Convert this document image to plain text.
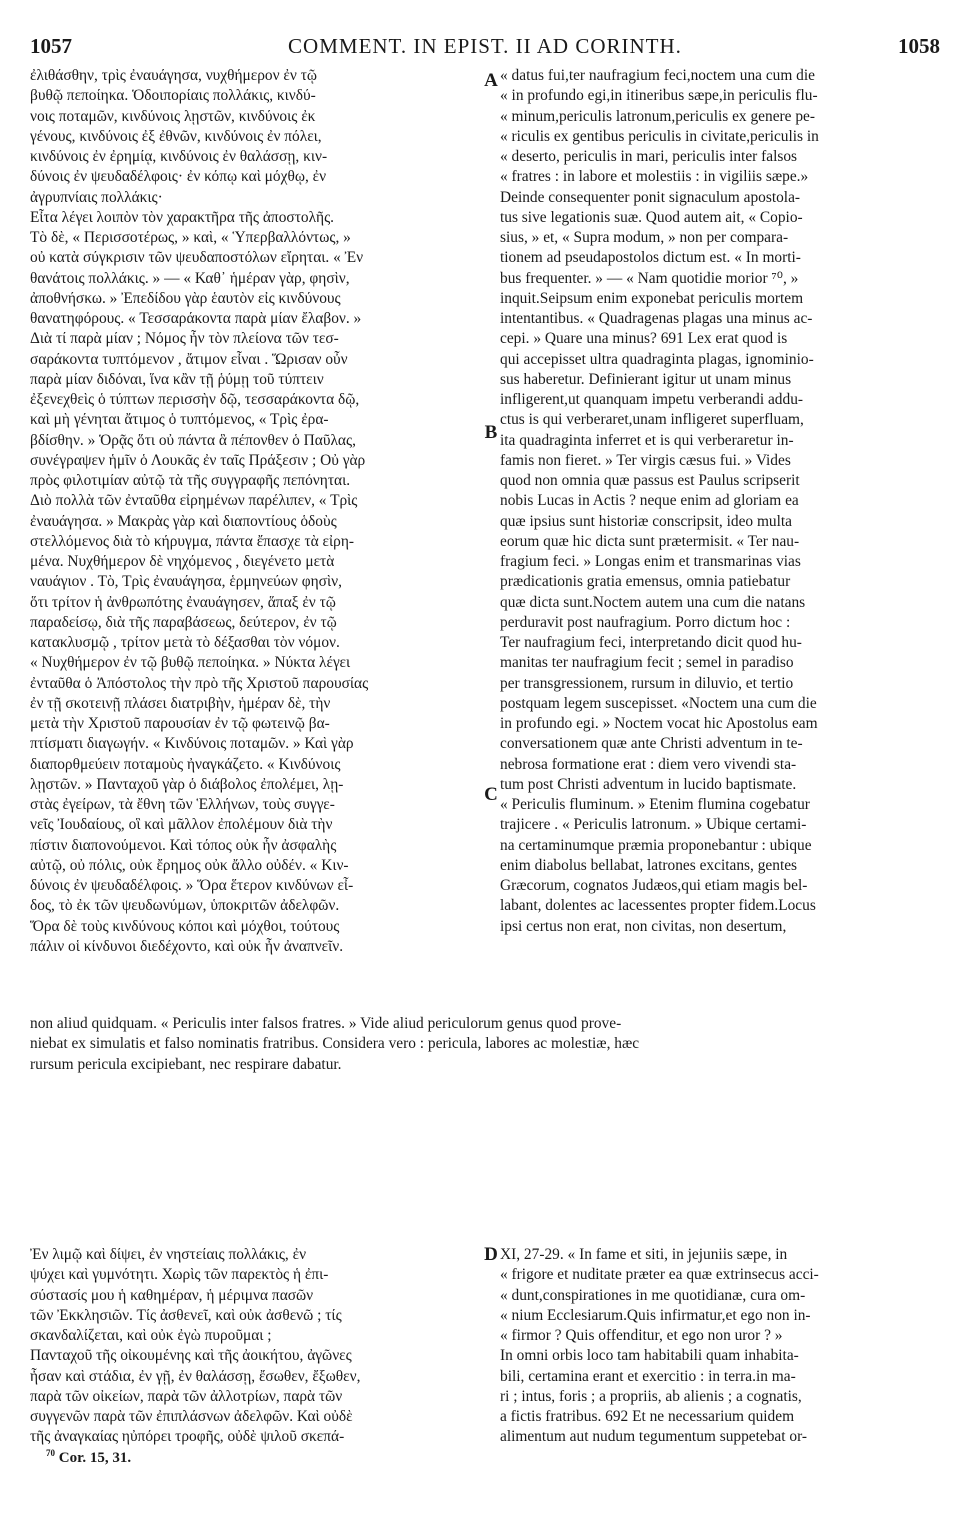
1057	COMMENT. IN EPIST. II AD CORINTH.	1058
ἐλιθάσθην, τρὶς ἐναυάγησα, νυχθήμερον ἐν τῷ
βυθῷ πεποίηκα. Ὁδοιπορίαις πολλάκις, κινδύ-
νοις ποταμῶν, κινδύνοις λῃστῶν, κινδύνοις ἐκ
γένους, κινδύνοις ἐξ ἐθνῶν, κινδύνοις ἐν πόλει,
κινδύνοις ἐν ἐρημίᾳ, κινδύνοις ἐν θαλάσσῃ, κιν-
δύνοις ἐν ψευδαδέλφοις· ἐν κόπῳ καὶ μόχθῳ, ἐν
ἀγρυπνίαις πολλάκις·
Εἶτα λέγει λοιπὸν τὸν χαρακτῆρα τῆς ἀποστολῆς.
Τὸ δὲ, « Περισσοτέρως, » καὶ, « Ὑπερβαλλόντως, »
οὐ κατὰ σύγκρισιν τῶν ψευδαποστόλων εἴρηται. « Ἐν
θανάτοις πολλάκις. » — « Καθ᾿ ἡμέραν γὰρ, φησὶν,
ἀποθνήσκω. » Ἐπεδίδου γὰρ ἑαυτὸν εἰς κινδύνους
θανατηφόρους. « Τεσσαράκοντα παρὰ μίαν ἔλαβον. »
Διὰ τί παρὰ μίαν ; Νόμος ἦν τὸν πλείονα τῶν τεσ-
σαράκοντα τυπτόμενον , ἄτιμον εἶναι . Ὥρισαν οὖν
παρὰ μίαν διδόναι, ἵνα κἂν τῇ ῥύμῃ τοῦ τύπτειν
ἐξενεχθεὶς ὁ τύπτων περισσὴν δῷ, τεσσαράκοντα δῷ,
καὶ μὴ γένηται ἄτιμος ὁ τυπτόμενος, « Τρὶς ἐρα-
βδίσθην. » Ὁρᾷς ὅτι οὐ πάντα ἃ πέπονθεν ὁ Παῦλας,
συνέγραψεν ἡμῖν ὁ Λουκᾶς ἐν ταῖς Πράξεσιν ; Οὐ γὰρ
πρὸς φιλοτιμίαν αὐτῷ τὰ τῆς συγγραφῆς πεπόνηται.
Διὸ πολλὰ τῶν ἐνταῦθα εἰρημένων παρέλιπεν, « Τρὶς
ἐναυάγησα. » Μακρὰς γὰρ καὶ διαποντίους ὁδοὺς
στελλόμενος διὰ τὸ κήρυγμα, πάντα ἔπασχε τὰ εἰρη-
μένα. Νυχθήμερον δὲ νηχόμενος , διεγένετο μετὰ
ναυάγιον . Τὸ, Τρὶς ἐναυάγησα, ἑρμηνεύων φησὶν,
ὅτι τρίτον ἡ ἀνθρωπότης ἐναυάγησεν, ἅπαξ ἐν τῷ
παραδείσῳ, διὰ τῆς παραβάσεως, δεύτερον, ἐν τῷ
κατακλυσμῷ , τρίτον μετὰ τὸ δέξασθαι τὸν νόμον.
« Νυχθήμερον ἐν τῷ βυθῷ πεποίηκα. » Νύκτα λέγει
ἐνταῦθα ὁ Ἀπόστολος τὴν πρὸ τῆς Χριστοῦ παρουσίας
ἐν τῇ σκοτεινῇ πλάσει διατριβὴν, ἡμέραν δὲ, τὴν
μετὰ τὴν Χριστοῦ παρουσίαν ἐν τῷ φωτεινῷ βα-
πτίσματι διαγωγήν. « Κινδύνοις ποταμῶν. » Καὶ γὰρ
διαπορθμεύειν ποταμοὺς ἠναγκάζετο. « Κινδύνοις
λῃστῶν. » Πανταχοῦ γὰρ ὁ διάβολος ἐπολέμει, λῃ-
στὰς ἐγείρων, τὰ ἔθνη τῶν Ἑλλήνων, τοὺς συγγε-
νεῖς Ἰουδαίους, οἳ καὶ μᾶλλον ἐπολέμουν διὰ τὴν
πίστιν διαπονούμενοι. Καὶ τόπος οὐκ ἦν ἀσφαλὴς
αὐτῷ, οὐ πόλις, οὐκ ἔρημος οὐκ ἄλλο οὐδέν. « Κιν-
δύνοις ἐν ψευδαδέλφοις. » Ὅρα ἕτερον κινδύνων εἶ-
δος, τὸ ἐκ τῶν ψευδωνύμων, ὑποκριτῶν ἀδελφῶν.
Ὅρα δὲ τοὺς κινδύνους κόποι καὶ μόχθοι, τούτους
πάλιν οἱ κίνδυνοι διεδέχοντο, καὶ οὐκ ἦν ἀναπνεῖν.
« datus fui,ter naufragium feci,noctem una cum die
« in profundo egi,in itineribus sæpe,in periculis flu-
« minum,periculis latronum,periculis ex genere pe-
« riculis ex gentibus periculis in civitate,periculis in
« deserto, periculis in mari, periculis inter falsos
« fratres : in labore et molestiis : in vigiliis sæpe.»
Deinde consequenter ponit signaculum apostola-
tus sive legationis suæ. Quod autem ait, « Copio-
sius, » et, « Supra modum, » non per compara-
tionem ad pseudapostolos dictum est. « In morti-
bus frequenter. » — « Nam quotidie morior ⁷⁰, »
inquit.Seipsum enim exponebat periculis mortem
intentantibus. « Quadragenas plagas una minus ac-
cepi. » Quare una minus? 691 Lex erat quod is
qui accepisset ultra quadraginta plagas, ignominio-
sus haberetur. Definierant igitur ut unam minus
infligerent,ut quanquam impetu verberandi addu-
ctus is qui verberaret,unam infligeret superfluam,
ita quadraginta inferret et is qui verberaretur in-
famis non fieret. » Ter virgis cæsus fui. » Vides
quod non omnia quæ passus est Paulus scripserit
nobis Lucas in Actis ? neque enim ad gloriam ea
quæ ipsius sunt historiæ conscripsit, ideo multa
eorum quæ hic dicta sunt prætermisit. « Ter nau-
fragium feci. » Longas enim et transmarinas vias
prædicationis gratia emensus, omnia patiebatur
quæ dicta sunt.Noctem autem una cum die natans
perduravit post naufragium. Porro dictum hoc :
Ter naufragium feci, interpretando dicit quod hu-
manitas ter naufragium fecit ; semel in paradiso
per transgressionem, rursum in diluvio, et tertio
postquam legem suscepisset. «Noctem una cum die
in profundo egi. » Noctem vocat hic Apostolus eam
conversationem quæ ante Christi adventum in te-
nebrosa formatione erat : diem vero vivendi sta-
tum post Christi adventum in lucido baptismate.
« Periculis fluminum. » Etenim flumina cogebatur
trajicere . « Periculis latronum. » Ubique certami-
na certaminumque præmia proponebantur : ubique
enim diabolus bellabat, latrones excitans, gentes
Græcorum, cognatos Judæos,qui etiam magis bel-
labant, dolentes ac lacessentes propter fidem.Locus
ipsi certus non erat, non civitas, non desertum,
non aliud quidquam. « Periculis inter falsos fratres. » Vide aliud periculorum genus quod prove-
niebat ex simulatis et falso nominatis fratribus. Considera vero : pericula, labores ac molestiæ, hæc
rursum pericula excipiebant, nec respirare dabatur.
Ἐν λιμῷ καὶ δίψει, ἐν νηστείαις πολλάκις, ἐν
ψύχει καὶ γυμνότητι. Χωρὶς τῶν παρεκτὸς ἡ ἐπι-
σύστασίς μου ἡ καθημέραν, ἡ μέριμνα πασῶν
τῶν Ἐκκλησιῶν. Τίς ἀσθενεῖ, καὶ οὐκ ἀσθενῶ ; τίς
σκανδαλίζεται, καὶ οὐκ ἐγὼ πυροῦμαι ;
Πανταχοῦ τῆς οἰκουμένης καὶ τῆς ἀοικήτου, ἀγῶνες
ἦσαν καὶ στάδια, ἐν γῇ, ἐν θαλάσσῃ, ἔσωθεν, ἔξωθεν,
παρὰ τῶν οἰκείων, παρὰ τῶν ἀλλοτρίων, παρὰ τῶν
συγγενῶν παρὰ τῶν ἐπιπλάσνων ἀδελφῶν. Καὶ οὐδὲ
τῆς ἀναγκαίας ηὐπόρει τροφῆς, οὐδὲ ψιλοῦ σκεπά-
XI, 27-29. « In fame et siti, in jejuniis sæpe, in
« frigore et nuditate præter ea quæ extrinsecus acci-
« dunt,conspirationes in me quotidianæ, cura om-
« nium Ecclesiarum.Quis infirmatur,et ego non in-
« firmor ? Quis offenditur, et ego non uror ? »
In omni orbis loco tam habitabili quam inhabita-
bili, certamina erant et exercitio : in terra.in ma-
ri ; intus, foris ; a propriis, ab alienis ; a cognatis,
a fictis fratribus. 692 Et ne necessarium quidem
alimentum aut nudum tegumentum suppetebat or-
A
B
C
D
$^{70}$ Cor. 15, 31.
